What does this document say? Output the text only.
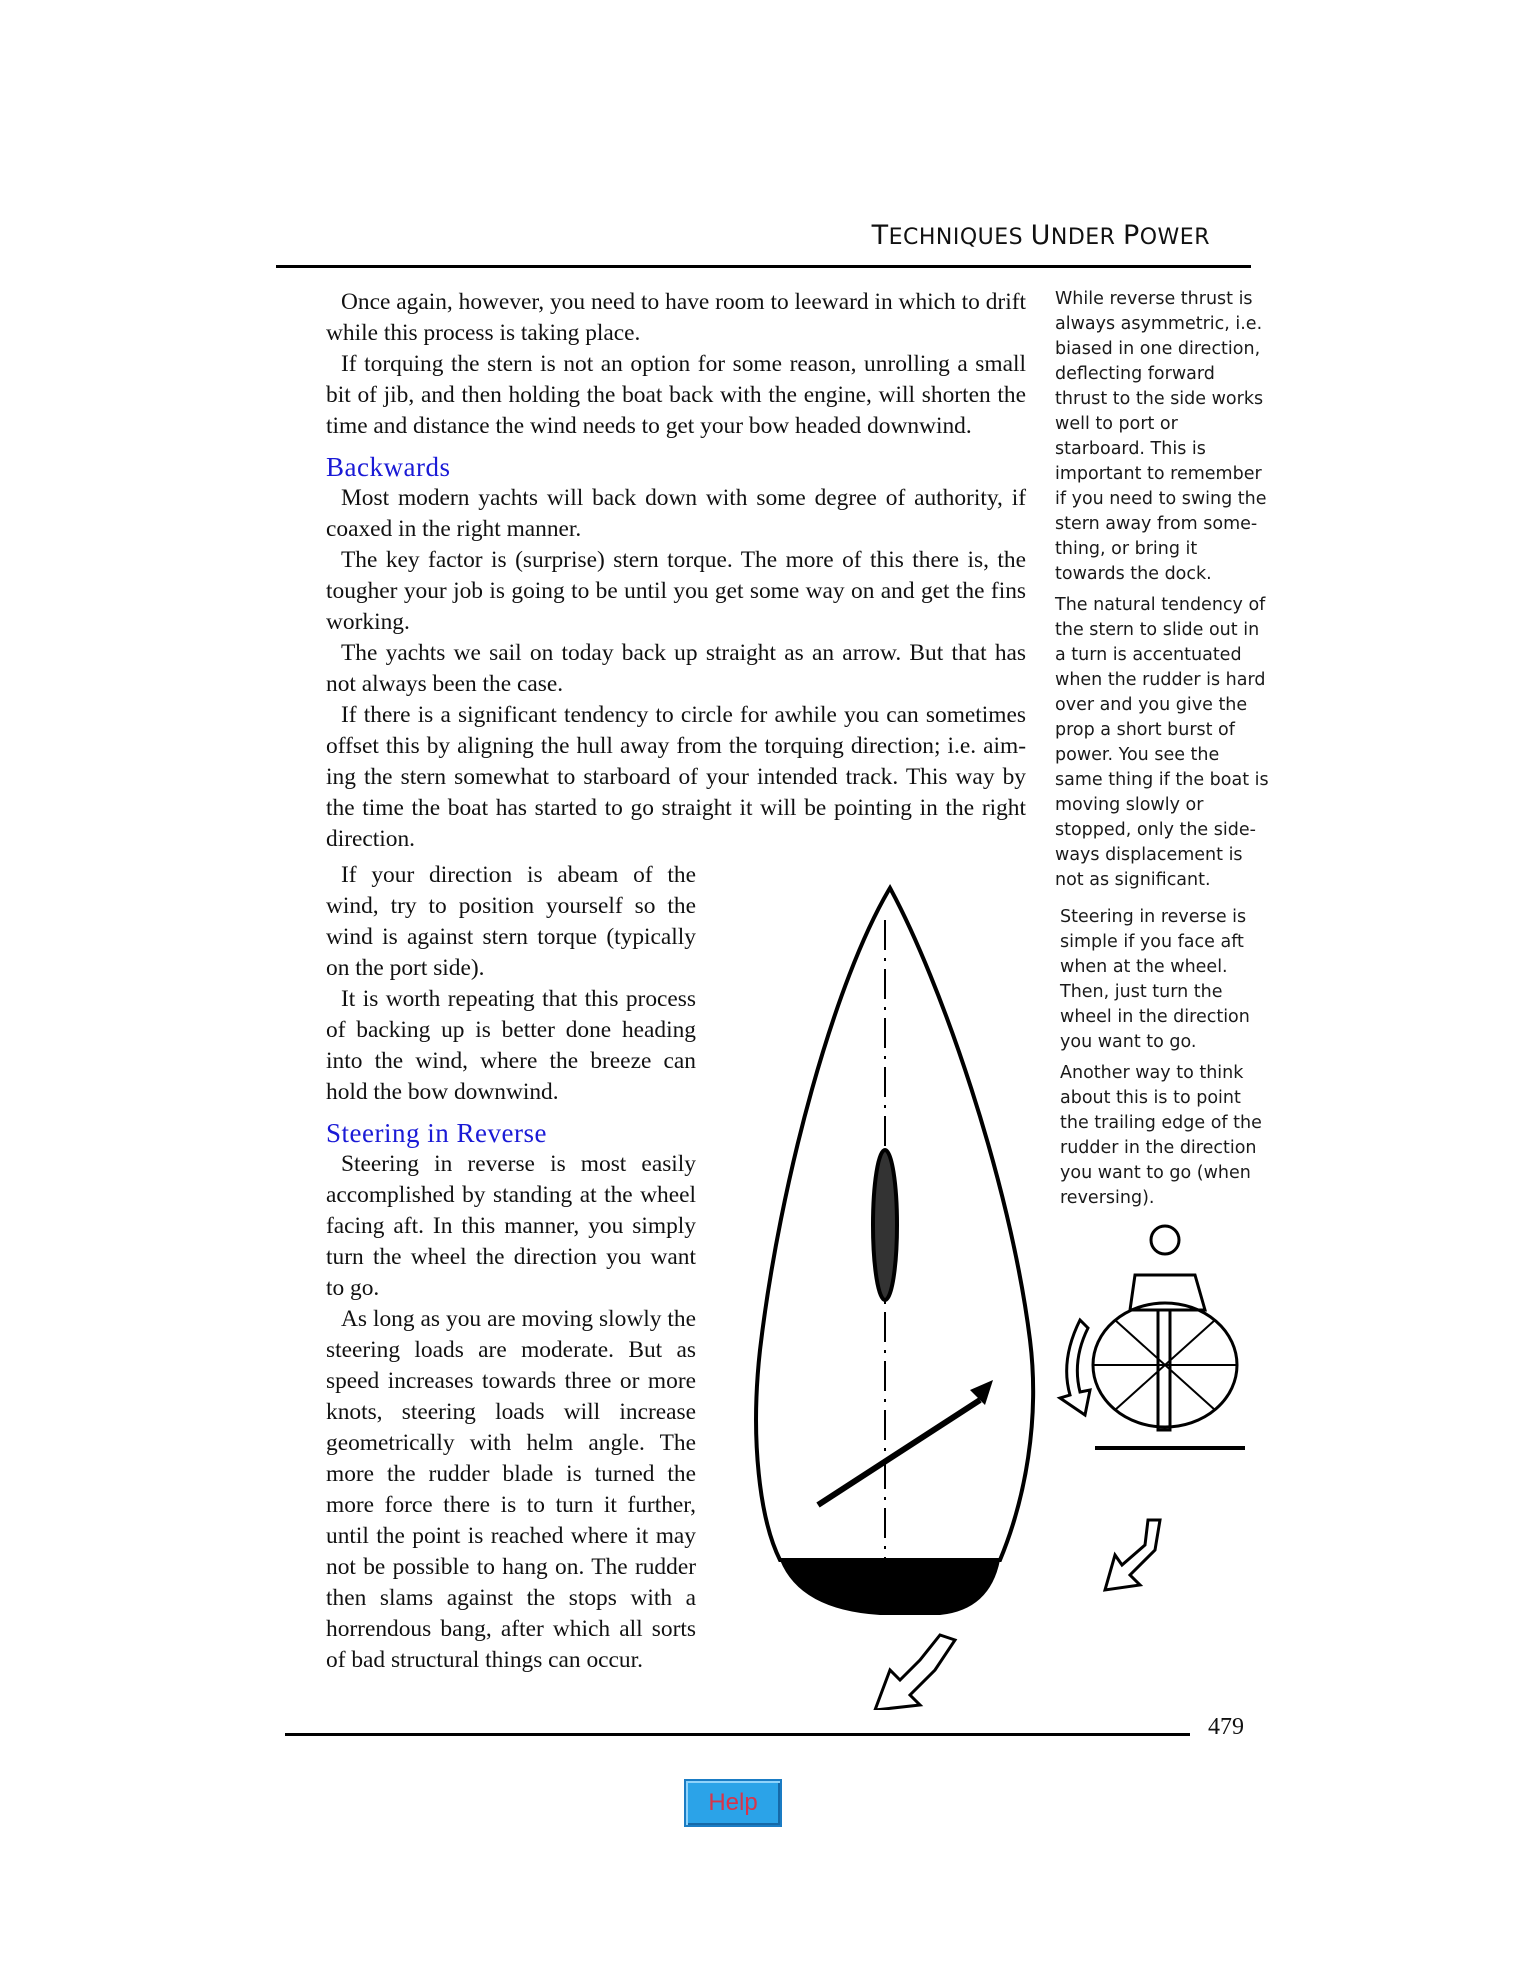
TECHNIQUES UNDER POWER

Once again, however, you need to have room to leeward in which to drift while this process is taking place.

If torquing the stern is not an option for some reason, unrolling a small bit of jib, and then holding the boat back with the engine, will shorten the time and distance the wind needs to get your bow headed downwind.

Backwards

Most modern yachts will back down with some degree of authority, if coaxed in the right manner.

The key factor is (surprise) stern torque. The more of this there is, the tougher your job is going to be until you get some way on and get the fins working.

The yachts we sail on today back up straight as an arrow. But that has not always been the case.

If there is a significant tendency to circle for awhile you can sometimes offset this by aligning the hull away from the torquing direction; i.e. aim-ing the stern somewhat to starboard of your intended track. This way by the time the boat has started to go straight it will be pointing in the right direction.

If your direction is abeam of the wind, try to position yourself so the wind is against stern torque (typically on the port side).

It is worth repeating that this process of backing up is better done heading into the wind, where the breeze can hold the bow downwind.

Steering in Reverse

Steering in reverse is most easily accomplished by standing at the wheel facing aft. In this manner, you simply turn the wheel the direction you want to go.

As long as you are moving slowly the steering loads are moderate. But as speed increases towards three or more knots, steering loads will increase geometrically with helm angle. The more the rudder blade is turned the more force there is to turn it further, until the point is reached where it may not be possible to hang on. The rudder then slams against the stops with a horrendous bang, after which all sorts of bad structural things can occur.

While reverse thrust is always asymmetric, i.e. biased in one direction, deflecting forward thrust to the side works well to port or starboard. This is important to remember if you need to swing the stern away from some-thing, or bring it towards the dock.

The natural tendency of the stern to slide out in a turn is accentuated when the rudder is hard over and you give the prop a short burst of power. You see the same thing if the boat is moving slowly or stopped, only the side-ways displacement is not as significant.

Steering in reverse is simple if you face aft when at the wheel. Then, just turn the wheel in the direction you want to go.

Another way to think about this is to point the trailing edge of the rudder in the direction you want to go (when reversing).

479
Help
